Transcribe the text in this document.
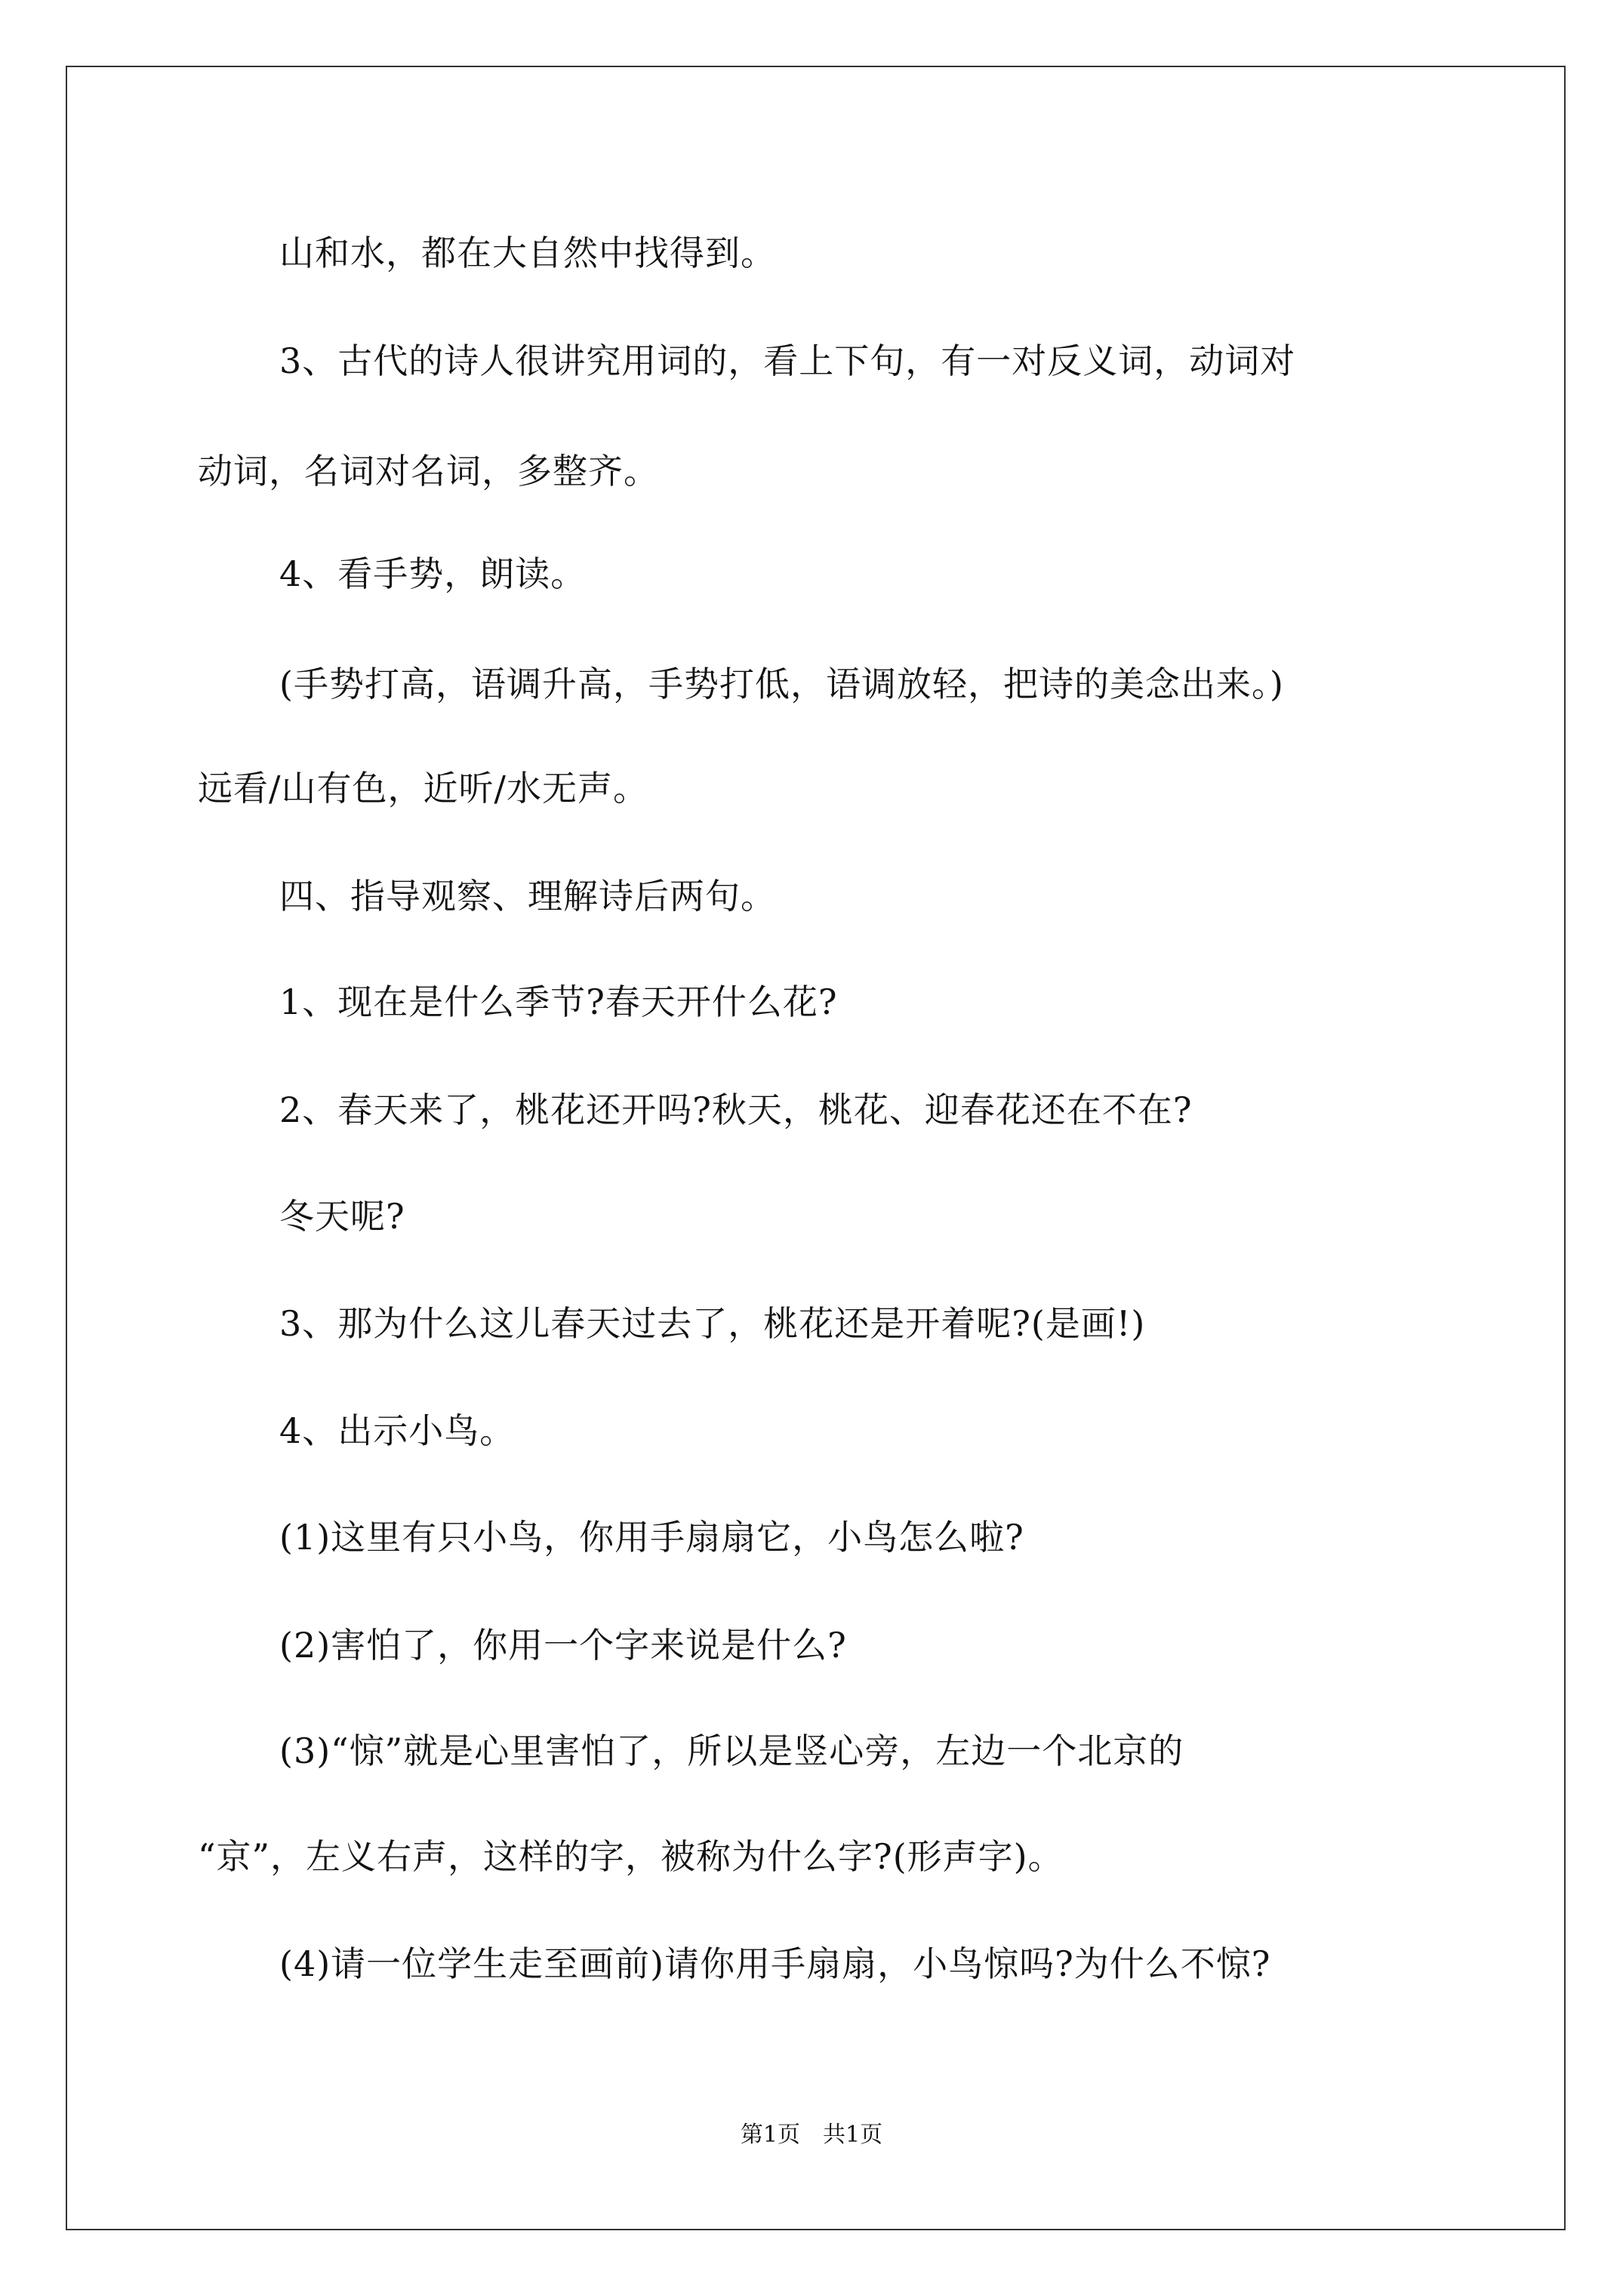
山和水，都在大自然中找得到。
3、古代的诗人很讲究用词的，看上下句，有一对反义词，动词对
动词，名词对名词，多整齐。
4、看手势，朗读。
(手势打高，语调升高，手势打低，语调放轻，把诗的美念出来。)
远看/山有色，近听/水无声。
四、指导观察、理解诗后两句。
1、现在是什么季节?春天开什么花?
2、春天来了，桃花还开吗?秋天，桃花、迎春花还在不在?
冬天呢?
3、那为什么这儿春天过去了，桃花还是开着呢?(是画!)
4、出示小鸟。
(1)这里有只小鸟，你用手扇扇它，小鸟怎么啦?
(2)害怕了，你用一个字来说是什么?
(3)“惊”就是心里害怕了，所以是竖心旁，左边一个北京的
“京”，左义右声，这样的字，被称为什么字?(形声字)。
(4)请一位学生走至画前)请你用手扇扇，小鸟惊吗?为什么不惊?
第1页　共1页
